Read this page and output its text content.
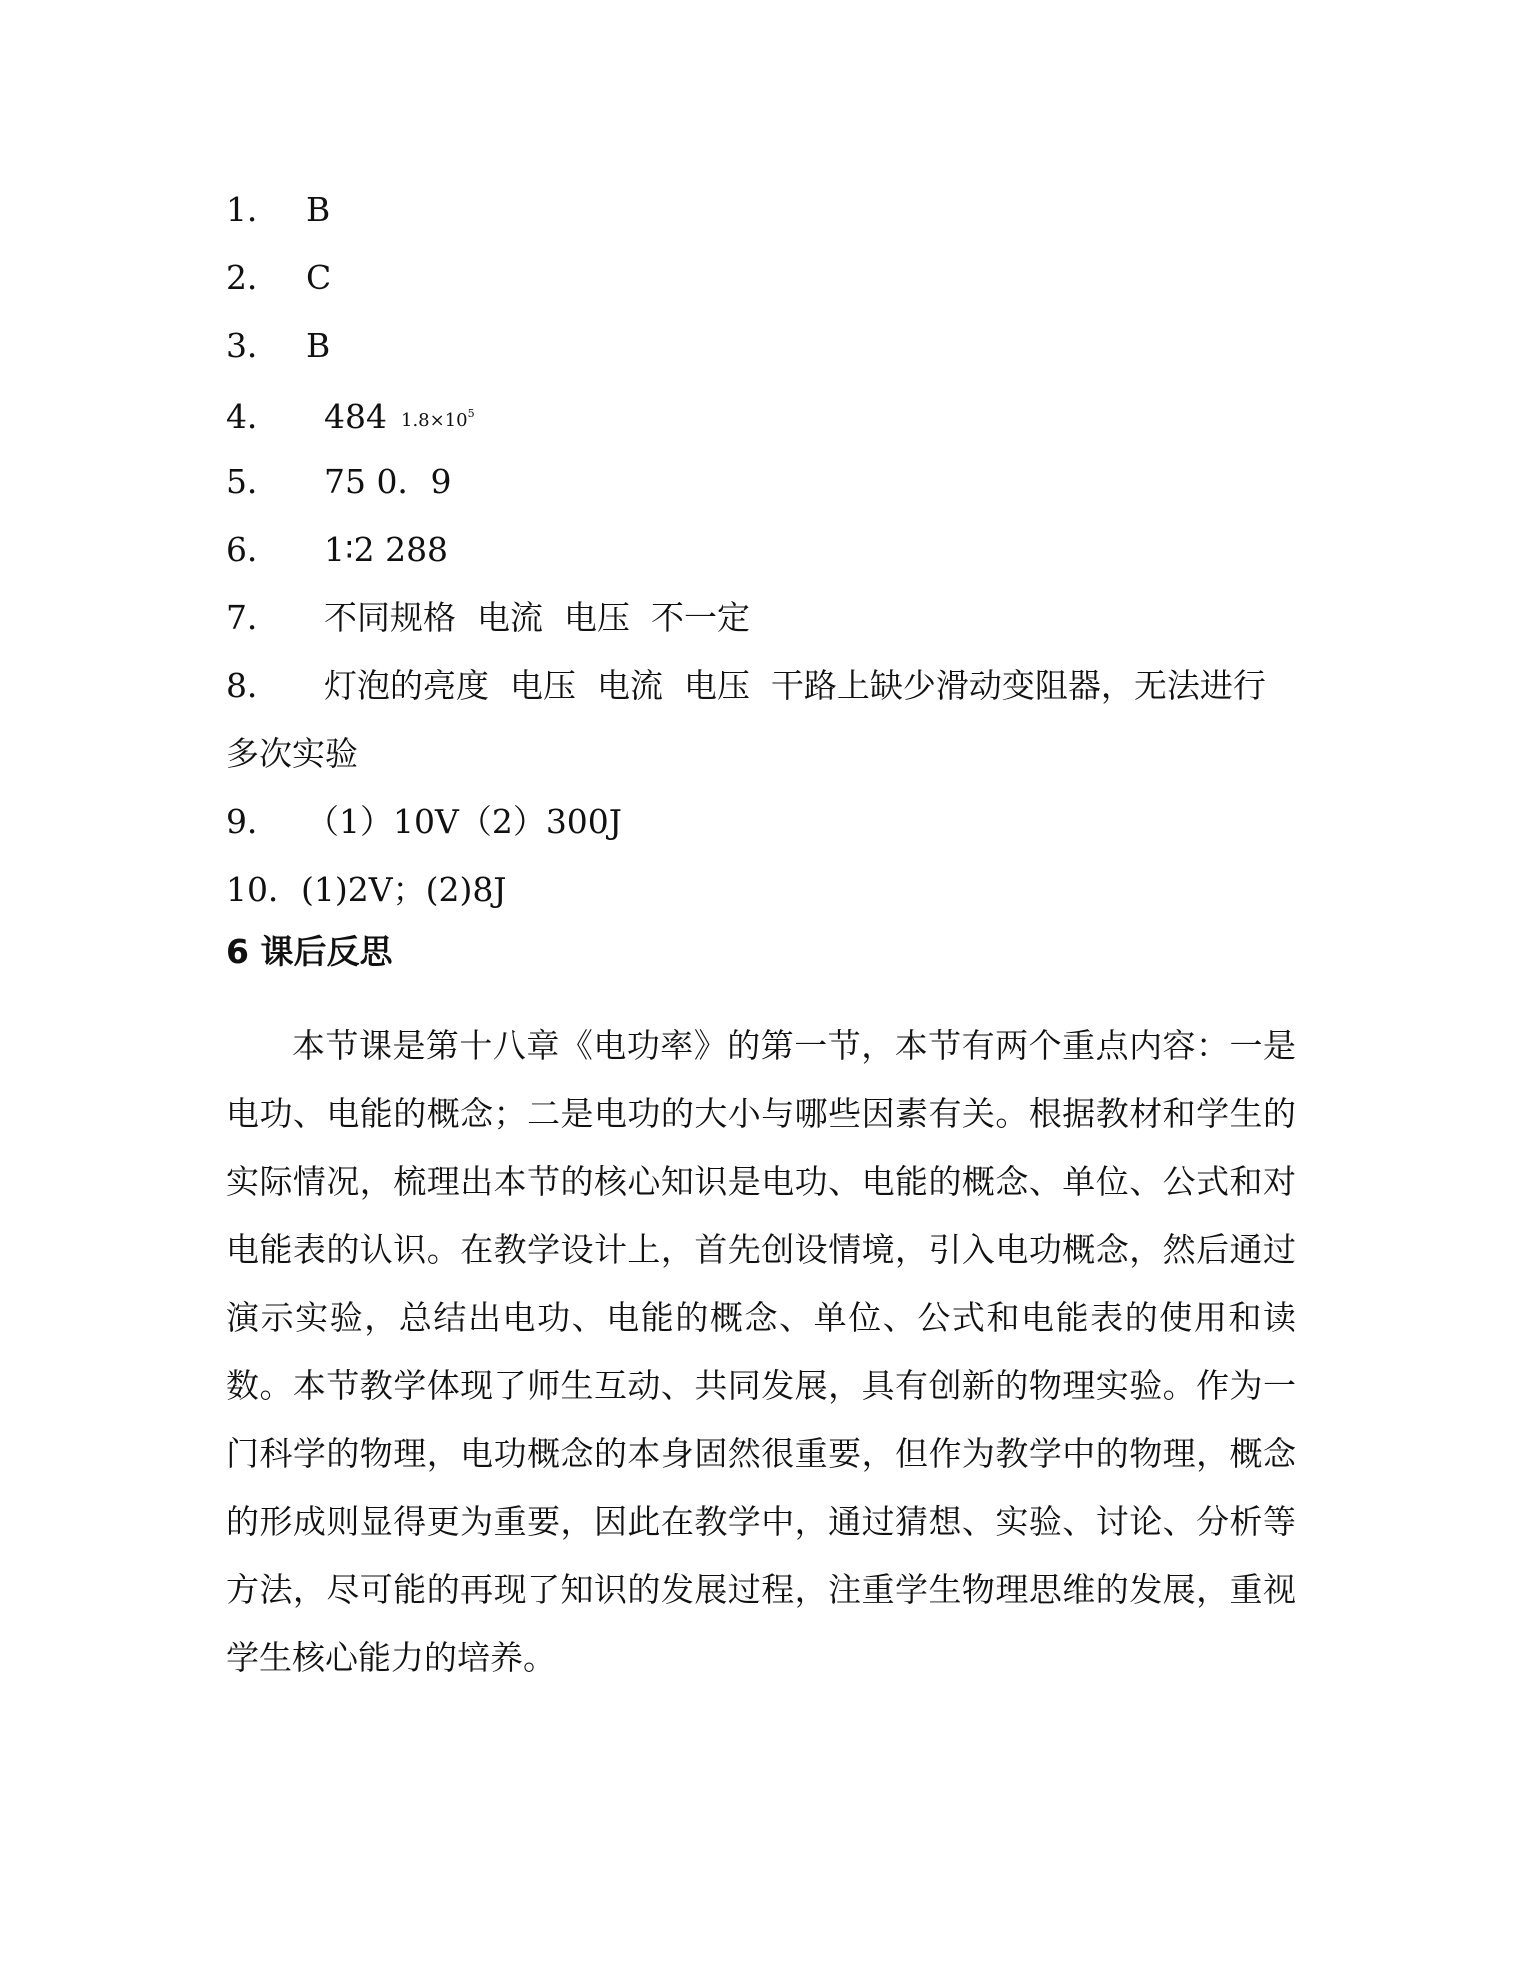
1． B
2． C
3． B
4． 484 $1.8\times 10^5$
5． 75 0．9
6． 1∶2 288
7． 不同规格  电流  电压  不一定
8． 灯泡的亮度  电压  电流  电压  干路上缺少滑动变阻器，无法进行多次实验
9． （1）10V（2）300J
10．(1)2V；(2)8J
6 课后反思

本节课是第十八章《电功率》的第一节，本节有两个重点内容：一是电功、电能的概念；二是电功的大小与哪些因素有关。根据教材和学生的实际情况，梳理出本节的核心知识是电功、电能的概念、单位、公式和对电能表的认识。在教学设计上，首先创设情境，引入电功概念，然后通过演示实验，总结出电功、电能的概念、单位、公式和电能表的使用和读数。本节教学体现了师生互动、共同发展，具有创新的物理实验。作为一门科学的物理，电功概念的本身固然很重要，但作为教学中的物理，概念的形成则显得更为重要，因此在教学中，通过猜想、实验、讨论、分析等方法，尽可能的再现了知识的发展过程，注重学生物理思维的发展，重视学生核心能力的培养。
